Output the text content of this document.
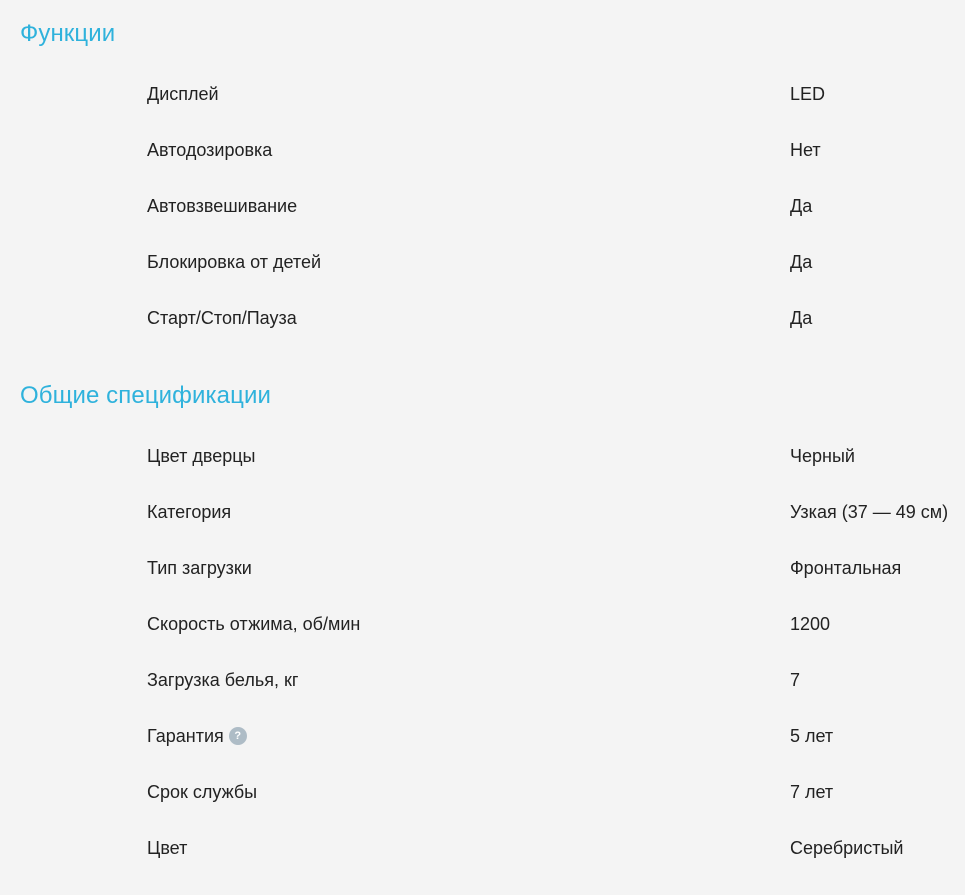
Функции
Дисплей	LED
Автодозировка	Нет
Автовзвешивание	Да
Блокировка от детей	Да
Старт/Стоп/Пауза	Да
Общие спецификации
Цвет дверцы	Черный
Категория	Узкая (37 — 49 см)
Тип загрузки	Фронтальная
Скорость отжима, об/мин	1200
Загрузка белья, кг	7
Гарантия ?	5 лет
Срок службы	7 лет
Цвет	Серебристый
